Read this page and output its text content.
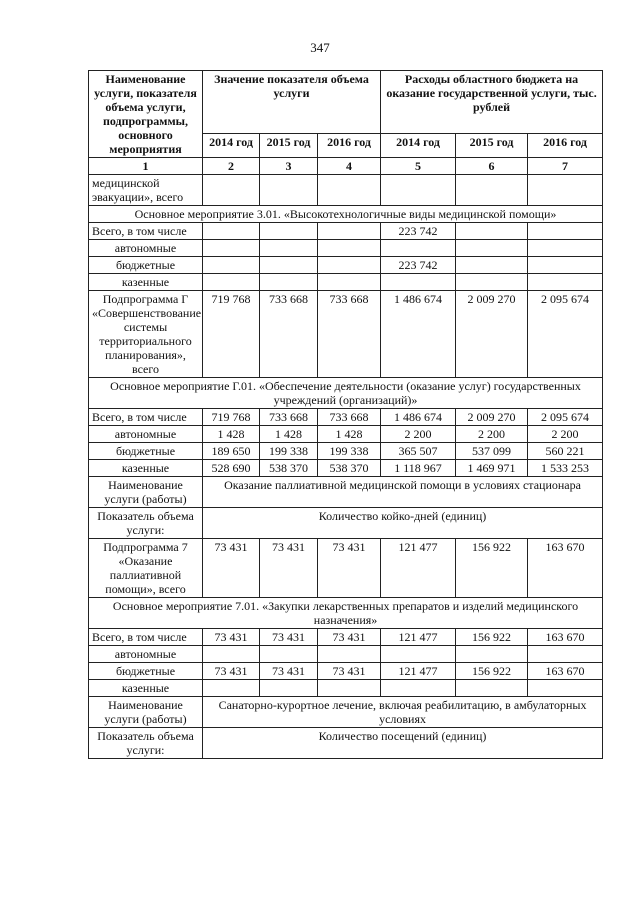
347
Наименование услуги, показателя объема услуги, подпрограммы, основного мероприятия	Значение показателя объема услуги			Расходы областного бюджета на оказание государственной услуги, тыс. рублей		
	2014 год	2015 год	2016 год	2014 год	2015 год	2016 год
1	2	3	4	5	6	7
медицинской эвакуации», всего						
Основное мероприятие 3.01. «Высокотехнологичные виды медицинской помощи»						
Всего, в том числе				223 742		
автономные						
бюджетные				223 742		
казенные						
Подпрограмма Г «Совершенствование системы территориального планирования», всего	719 768	733 668	733 668	1 486 674	2 009 270	2 095 674
Основное мероприятие Г.01. «Обеспечение деятельности (оказание услуг) государственных учреждений (организаций)»						
Всего, в том числе	719 768	733 668	733 668	1 486 674	2 009 270	2 095 674
автономные	1 428	1 428	1 428	2 200	2 200	2 200
бюджетные	189 650	199 338	199 338	365 507	537 099	560 221
казенные	528 690	538 370	538 370	1 118 967	1 469 971	1 533 253
Наименование услуги (работы)	Оказание паллиативной медицинской помощи в условиях стационара					
Показатель объема услуги:	Количество койко-дней (единиц)					
Подпрограмма 7 «Оказание паллиативной помощи», всего	73 431	73 431	73 431	121 477	156 922	163 670
Основное мероприятие 7.01. «Закупки лекарственных препаратов и изделий медицинского назначения»						
Всего, в том числе	73 431	73 431	73 431	121 477	156 922	163 670
автономные						
бюджетные	73 431	73 431	73 431	121 477	156 922	163 670
казенные						
Наименование услуги (работы)	Санаторно-курортное лечение, включая реабилитацию, в амбулаторных условиях					
Показатель объема услуги:	Количество посещений (единиц)					
